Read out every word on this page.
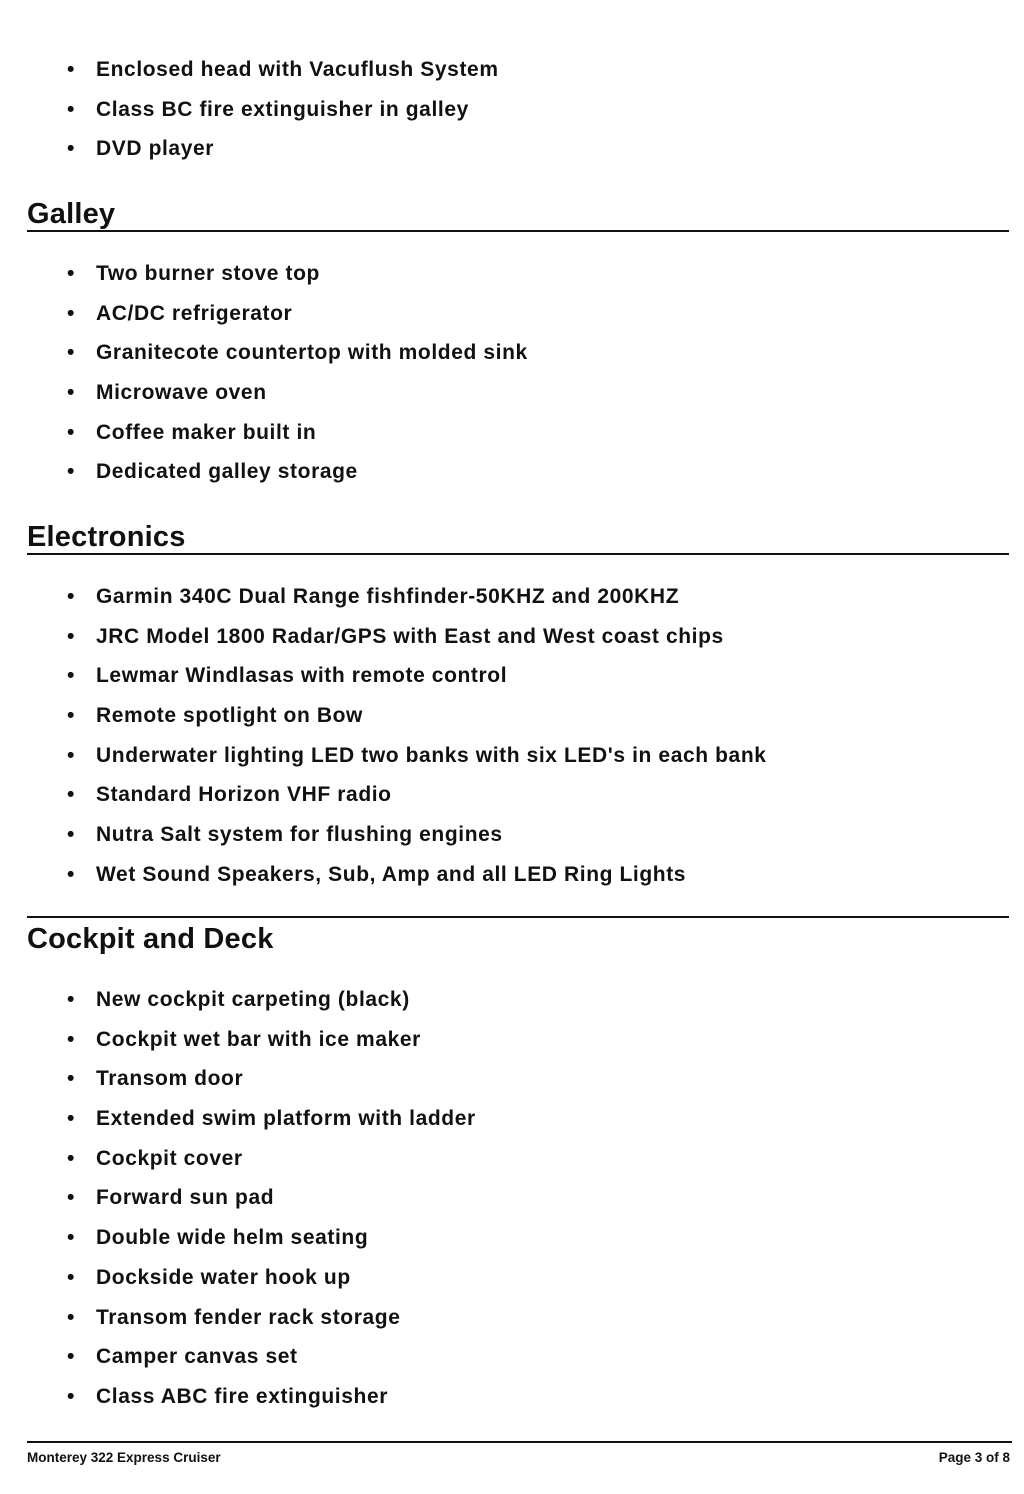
• Enclosed head with Vacuflush System
• Class BC fire extinguisher in galley
• DVD player
Galley
• Two burner stove top
• AC/DC refrigerator
• Granitecote countertop with molded sink
• Microwave oven
• Coffee maker built in
• Dedicated galley storage
Electronics
• Garmin 340C Dual Range fishfinder-50KHZ and 200KHZ
• JRC Model 1800 Radar/GPS with East and West coast chips
• Lewmar Windlasas with remote control
• Remote spotlight on Bow
• Underwater lighting LED two banks with six LED's in each bank
• Standard Horizon VHF radio
• Nutra Salt system for flushing engines
• Wet Sound Speakers, Sub, Amp and all LED Ring Lights
Cockpit and Deck
• New cockpit carpeting (black)
• Cockpit wet bar with ice maker
• Transom door
• Extended swim platform with ladder
• Cockpit cover
• Forward sun pad
• Double wide helm seating
• Dockside water hook up
• Transom fender rack storage
• Camper canvas set
• Class ABC fire extinguisher
Monterey 322 Express Cruiser	Page 3 of 8
